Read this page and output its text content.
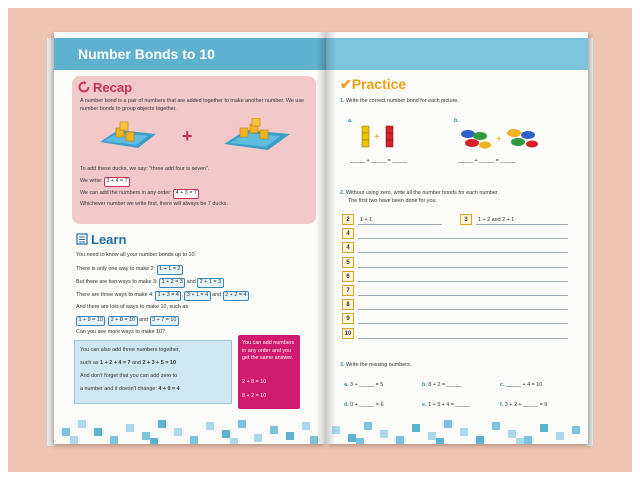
Number Bonds to 10
Recap
A number bond is a pair of numbers that are added together to make another number. We use number bonds to group objects together.
+
To add these ducks, we say: "three add four is seven".
We write: 3 + 4 = 7
We can add the numbers in any order: 4 + 3 = 7
Whichever number we write first, there will always be 7 ducks.
Learn
You need to know all your number bonds up to 10.
There is only one way to make 2: 1 + 1 = 2
But there are two ways to make 3: 1 + 2 = 3 and 2 + 1 = 3
There are three ways to make 4: 1 + 3 = 4 , 3 + 1 = 4 and 2 + 2 = 4
And there are lots of ways to make 10, such as:
1 + 9 = 10 , 2 + 8 = 10 and 3 + 7 = 10
Can you see more ways to make 10?
You can also add three numbers together,
such as 1 + 2 + 4 = 7 and 2 + 3 + 5 = 10
And don't forget that you can add zero to
a number and it doesn't change: 4 + 0 = 4
You can add numbers in any order and you get the same answer.
2 + 8 = 10
8 + 2 = 10
✔Practice
1. Write the correct number bond for each picture.
a.
+
_____ + _____ = _____
b.
+
_____ + _____ = _____
2. Without using zero, write all the number bonds for each number.
The first two have been done for you.
2	1 + 1	3	1 + 2 and 2 + 1
4
4
5
6
7
8
9
10
3. Write the missing numbers.
a. 3 + _____ = 5	b. 8 + 2 = _____	c. _____ + 4 = 10
d. 0 + _____ = 6	e. 1 + 3 + 4 = _____	f. 3 + 2 + _____ = 9
